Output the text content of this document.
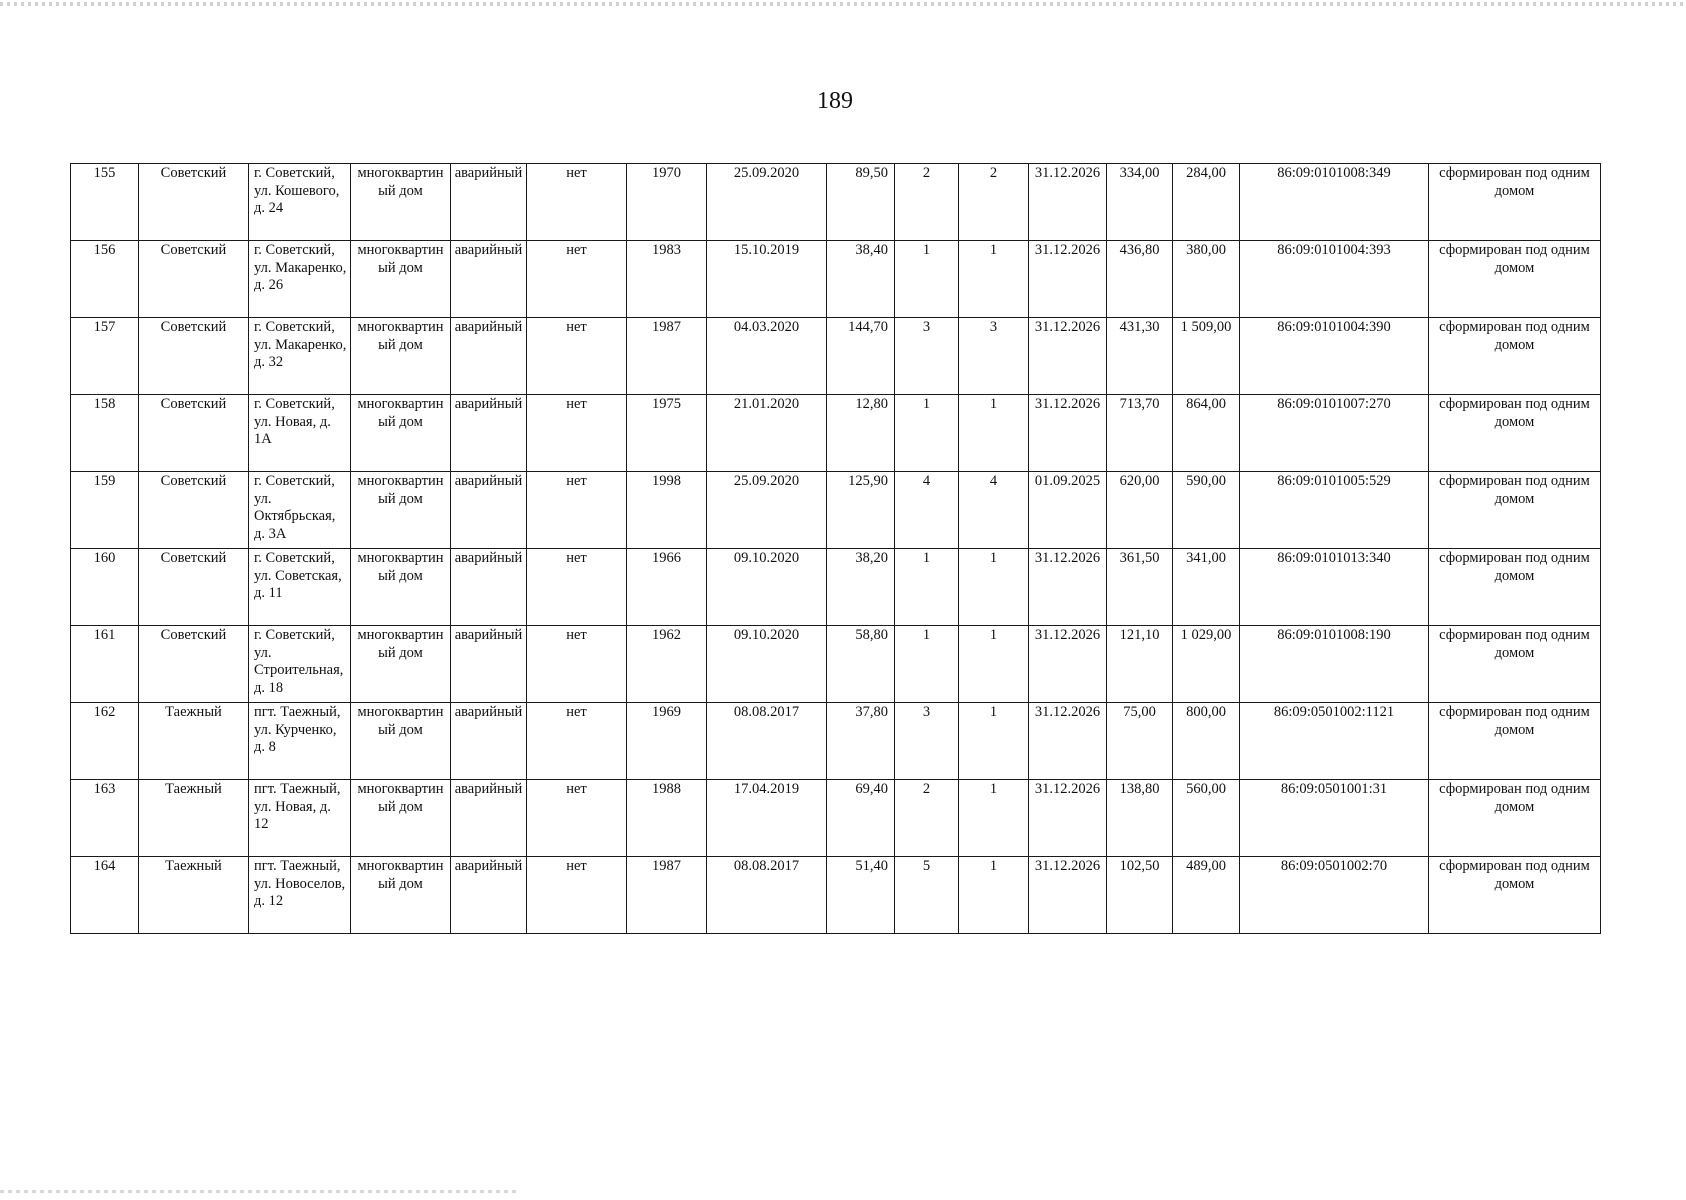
189
155	Советский	г. Советский, ул. Кошевого, д. 24	многоквартиный дом	аварийный	нет	1970	25.09.2020	89,50	2	2	31.12.2026	334,00	284,00	86:09:0101008:349	сформирован под одним домом
156	Советский	г. Советский, ул. Макаренко, д. 26	многоквартиный дом	аварийный	нет	1983	15.10.2019	38,40	1	1	31.12.2026	436,80	380,00	86:09:0101004:393	сформирован под одним домом
157	Советский	г. Советский, ул. Макаренко, д. 32	многоквартиный дом	аварийный	нет	1987	04.03.2020	144,70	3	3	31.12.2026	431,30	1 509,00	86:09:0101004:390	сформирован под одним домом
158	Советский	г. Советский, ул. Новая, д. 1А	многоквартиный дом	аварийный	нет	1975	21.01.2020	12,80	1	1	31.12.2026	713,70	864,00	86:09:0101007:270	сформирован под одним домом
159	Советский	г. Советский, ул. Октябрьская, д. 3А	многоквартиный дом	аварийный	нет	1998	25.09.2020	125,90	4	4	01.09.2025	620,00	590,00	86:09:0101005:529	сформирован под одним домом
160	Советский	г. Советский, ул. Советская, д. 11	многоквартиный дом	аварийный	нет	1966	09.10.2020	38,20	1	1	31.12.2026	361,50	341,00	86:09:0101013:340	сформирован под одним домом
161	Советский	г. Советский, ул. Строительная, д. 18	многоквартиный дом	аварийный	нет	1962	09.10.2020	58,80	1	1	31.12.2026	121,10	1 029,00	86:09:0101008:190	сформирован под одним домом
162	Таежный	пгт. Таежный, ул. Курченко, д. 8	многоквартиный дом	аварийный	нет	1969	08.08.2017	37,80	3	1	31.12.2026	75,00	800,00	86:09:0501002:1121	сформирован под одним домом
163	Таежный	пгт. Таежный, ул. Новая, д. 12	многоквартиный дом	аварийный	нет	1988	17.04.2019	69,40	2	1	31.12.2026	138,80	560,00	86:09:0501001:31	сформирован под одним домом
164	Таежный	пгт. Таежный, ул. Новоселов, д. 12	многоквартиный дом	аварийный	нет	1987	08.08.2017	51,40	5	1	31.12.2026	102,50	489,00	86:09:0501002:70	сформирован под одним домом
